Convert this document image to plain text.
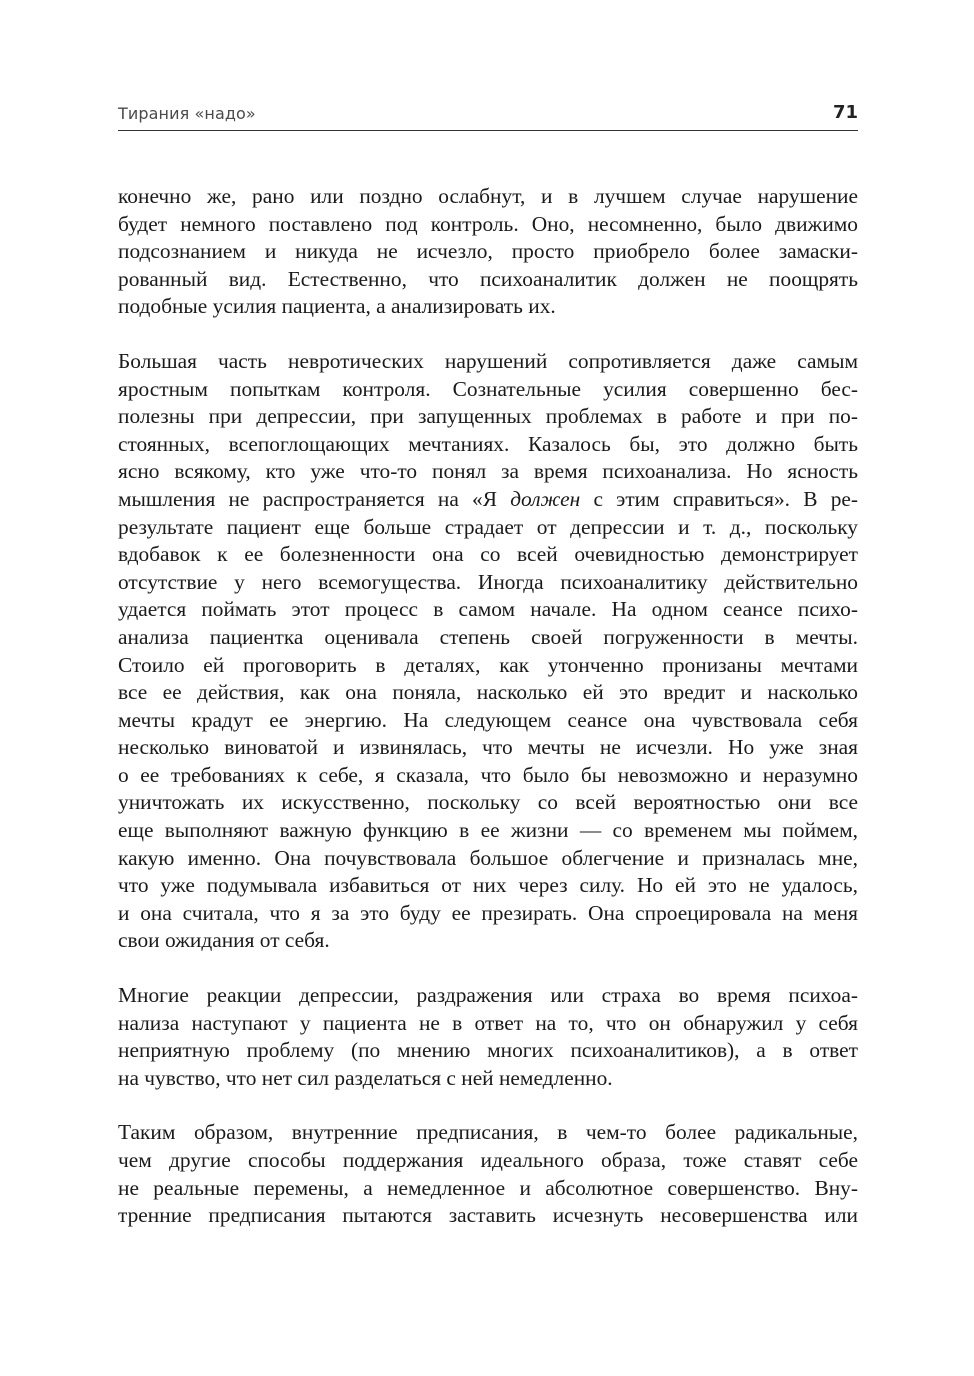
Тирания «надо»	71
конечно же, рано или поздно ослабнут, и в лучшем случае нарушение
будет немного поставлено под контроль. Оно, несомненно, было движимо
подсознанием и никуда не исчезло, просто приобрело более замаски-
рованный вид. Естественно, что психоаналитик должен не поощрять
подобные усилия пациента, а анализировать их.
Большая часть невротических нарушений сопротивляется даже самым
яростным попыткам контроля. Сознательные усилия совершенно бес-
полезны при депрессии, при запущенных проблемах в работе и при по-
стоянных, всепоглощающих мечтаниях. Казалось бы, это должно быть
ясно всякому, кто уже что-то понял за время психоанализа. Но ясность
мышления не распространяется на «Я должен с этим справиться». В ре-
результате пациент еще больше страдает от депрессии и т. д., поскольку
вдобавок к ее болезненности она со всей очевидностью демонстрирует
отсутствие у него всемогущества. Иногда психоаналитику действительно
удается поймать этот процесс в самом начале. На одном сеансе психо-
анализа пациентка оценивала степень своей погруженности в мечты.
Стоило ей проговорить в деталях, как утонченно пронизаны мечтами
все ее действия, как она поняла, насколько ей это вредит и насколько
мечты крадут ее энергию. На следующем сеансе она чувствовала себя
несколько виноватой и извинялась, что мечты не исчезли. Но уже зная
о ее требованиях к себе, я сказала, что было бы невозможно и неразумно
уничтожать их искусственно, поскольку со всей вероятностью они все
еще выполняют важную функцию в ее жизни — со временем мы поймем,
какую именно. Она почувствовала большое облегчение и призналась мне,
что уже подумывала избавиться от них через силу. Но ей это не удалось,
и она считала, что я за это буду ее презирать. Она спроецировала на меня
свои ожидания от себя.
Многие реакции депрессии, раздражения или страха во время психоа-
нализа наступают у пациента не в ответ на то, что он обнаружил у себя
неприятную проблему (по мнению многих психоаналитиков), а в ответ
на чувство, что нет сил разделаться с ней немедленно.
Таким образом, внутренние предписания, в чем-то более радикальные,
чем другие способы поддержания идеального образа, тоже ставят себе
не реальные перемены, а немедленное и абсолютное совершенство. Вну-
тренние предписания пытаются заставить исчезнуть несовершенства или
